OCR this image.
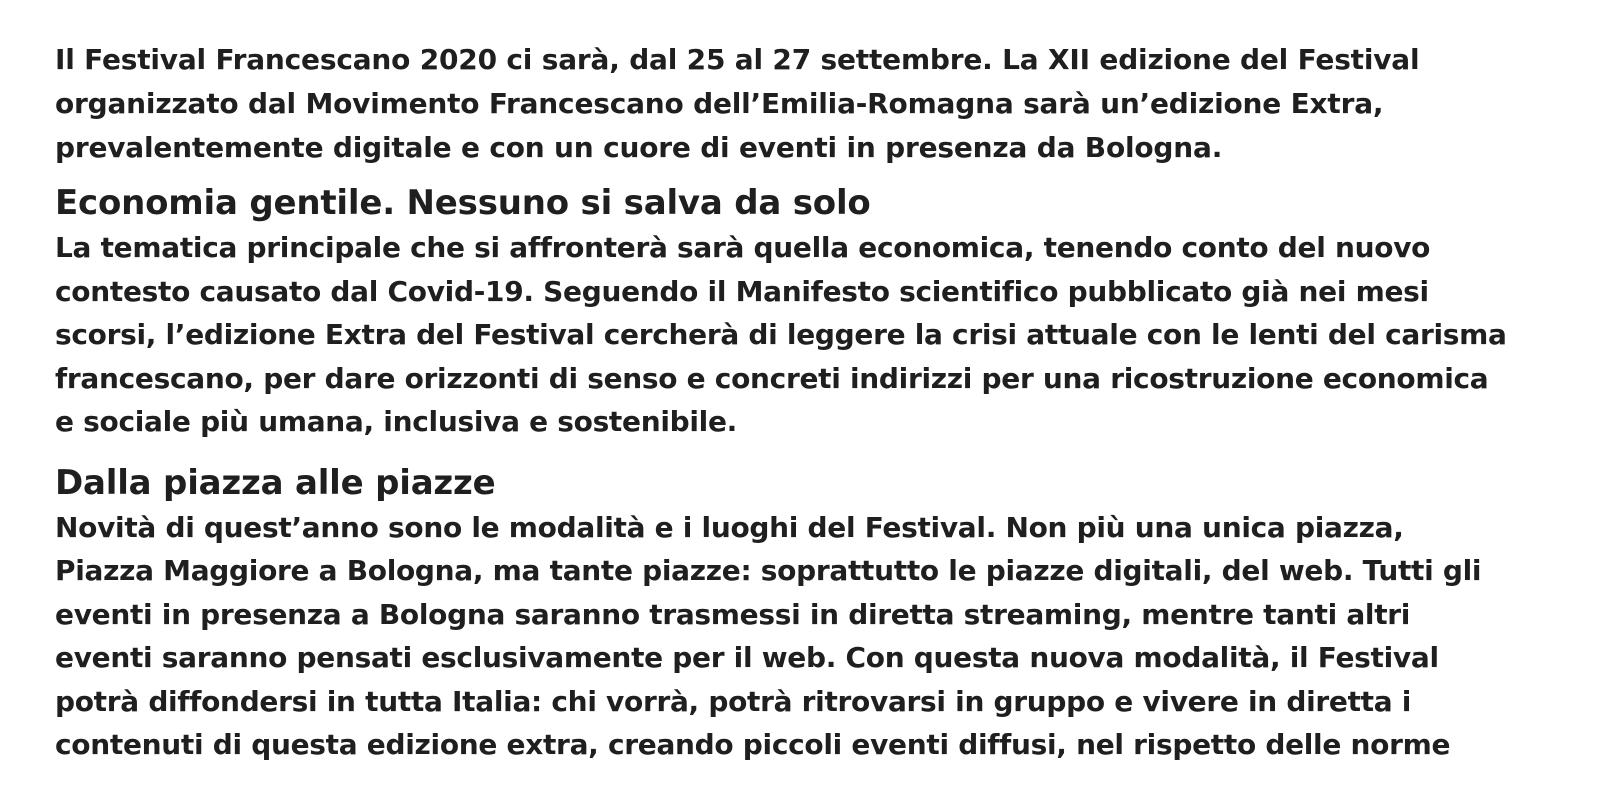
Il Festival Francescano 2020 ci sarà, dal 25 al 27 settembre. La XII edizione del Festival
organizzato dal Movimento Francescano dell’Emilia-Romagna sarà un’edizione Extra,
prevalentemente digitale e con un cuore di eventi in presenza da Bologna.

Economia gentile. Nessuno si salva da solo

La tematica principale che si affronterà sarà quella economica, tenendo conto del nuovo
contesto causato dal Covid-19. Seguendo il Manifesto scientifico pubblicato già nei mesi
scorsi, l’edizione Extra del Festival cercherà di leggere la crisi attuale con le lenti del carisma
francescano, per dare orizzonti di senso e concreti indirizzi per una ricostruzione economica
e sociale più umana, inclusiva e sostenibile.

Dalla piazza alle piazze

Novità di quest’anno sono le modalità e i luoghi del Festival. Non più una unica piazza,
Piazza Maggiore a Bologna, ma tante piazze: soprattutto le piazze digitali, del web. Tutti gli
eventi in presenza a Bologna saranno trasmessi in diretta streaming, mentre tanti altri
eventi saranno pensati esclusivamente per il web. Con questa nuova modalità, il Festival
potrà diffondersi in tutta Italia: chi vorrà, potrà ritrovarsi in gruppo e vivere in diretta i
contenuti di questa edizione extra, creando piccoli eventi diffusi, nel rispetto delle norme
